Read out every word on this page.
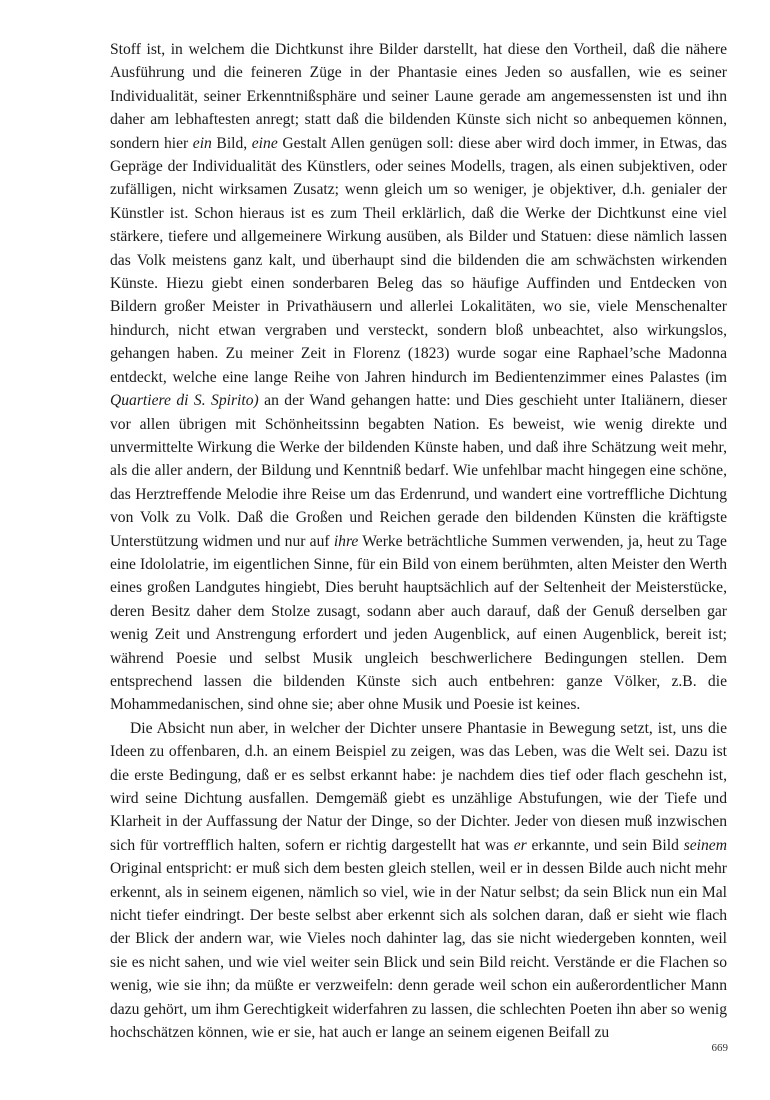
Stoff ist, in welchem die Dichtkunst ihre Bilder darstellt, hat diese den Vortheil, daß die nähere Ausführung und die feineren Züge in der Phantasie eines Jeden so ausfallen, wie es seiner Individualität, seiner Erkenntnißsphäre und seiner Laune gerade am angemessensten ist und ihn daher am lebhaftesten anregt; statt daß die bildenden Künste sich nicht so anbequemen können, sondern hier ein Bild, eine Gestalt Allen genügen soll: diese aber wird doch immer, in Etwas, das Gepräge der Individualität des Künstlers, oder seines Modells, tragen, als einen subjektiven, oder zufälligen, nicht wirksamen Zusatz; wenn gleich um so weniger, je objektiver, d.h. genialer der Künstler ist. Schon hieraus ist es zum Theil erklärlich, daß die Werke der Dichtkunst eine viel stärkere, tiefere und allgemeinere Wirkung ausüben, als Bilder und Statuen: diese nämlich lassen das Volk meistens ganz kalt, und überhaupt sind die bildenden die am schwächsten wirkenden Künste. Hiezu giebt einen sonderbaren Beleg das so häufige Auffinden und Entdecken von Bildern großer Meister in Privathäusern und allerlei Lokalitäten, wo sie, viele Menschenalter hindurch, nicht etwan vergraben und versteckt, sondern bloß unbeachtet, also wirkungslos, gehangen haben. Zu meiner Zeit in Florenz (1823) wurde sogar eine Raphael’sche Madonna entdeckt, welche eine lange Reihe von Jahren hindurch im Bedientenzimmer eines Palastes (im Quartiere di S. Spirito) an der Wand gehangen hatte: und Dies geschieht unter Italiänern, dieser vor allen übrigen mit Schönheitssinn begabten Nation. Es beweist, wie wenig direkte und unvermittelte Wirkung die Werke der bildenden Künste haben, und daß ihre Schätzung weit mehr, als die aller andern, der Bildung und Kenntniß bedarf. Wie unfehlbar macht hingegen eine schöne, das Herztreffende Melodie ihre Reise um das Erdenrund, und wandert eine vortreffliche Dichtung von Volk zu Volk. Daß die Großen und Reichen gerade den bildenden Künsten die kräftigste Unterstützung widmen und nur auf ihre Werke beträchtliche Summen verwenden, ja, heut zu Tage eine Idololatrie, im eigentlichen Sinne, für ein Bild von einem berühmten, alten Meister den Werth eines großen Landgutes hingiebt, Dies beruht hauptsächlich auf der Seltenheit der Meisterstücke, deren Besitz daher dem Stolze zusagt, sodann aber auch darauf, daß der Genuß derselben gar wenig Zeit und Anstrengung erfordert und jeden Augenblick, auf einen Augenblick, bereit ist; während Poesie und selbst Musik ungleich beschwerlichere Bedingungen stellen. Dem entsprechend lassen die bildenden Künste sich auch entbehren: ganze Völker, z.B. die Mohammedanischen, sind ohne sie; aber ohne Musik und Poesie ist keines.

Die Absicht nun aber, in welcher der Dichter unsere Phantasie in Bewegung setzt, ist, uns die Ideen zu offenbaren, d.h. an einem Beispiel zu zeigen, was das Leben, was die Welt sei. Dazu ist die erste Bedingung, daß er es selbst erkannt habe: je nachdem dies tief oder flach geschehn ist, wird seine Dichtung ausfallen. Demgemäß giebt es unzählige Abstufungen, wie der Tiefe und Klarheit in der Auffassung der Natur der Dinge, so der Dichter. Jeder von diesen muß inzwischen sich für vortrefflich halten, sofern er richtig dargestellt hat was er erkannte, und sein Bild seinem Original entspricht: er muß sich dem besten gleich stellen, weil er in dessen Bilde auch nicht mehr erkennt, als in seinem eigenen, nämlich so viel, wie in der Natur selbst; da sein Blick nun ein Mal nicht tiefer eindringt. Der beste selbst aber erkennt sich als solchen daran, daß er sieht wie flach der Blick der andern war, wie Vieles noch dahinter lag, das sie nicht wiedergeben konnten, weil sie es nicht sahen, und wie viel weiter sein Blick und sein Bild reicht. Verstände er die Flachen so wenig, wie sie ihn; da müßte er verzweifeln: denn gerade weil schon ein außerordentlicher Mann dazu gehört, um ihm Gerechtigkeit widerfahren zu lassen, die schlechten Poeten ihn aber so wenig hochschätzen können, wie er sie, hat auch er lange an seinem eigenen Beifall zu

669
